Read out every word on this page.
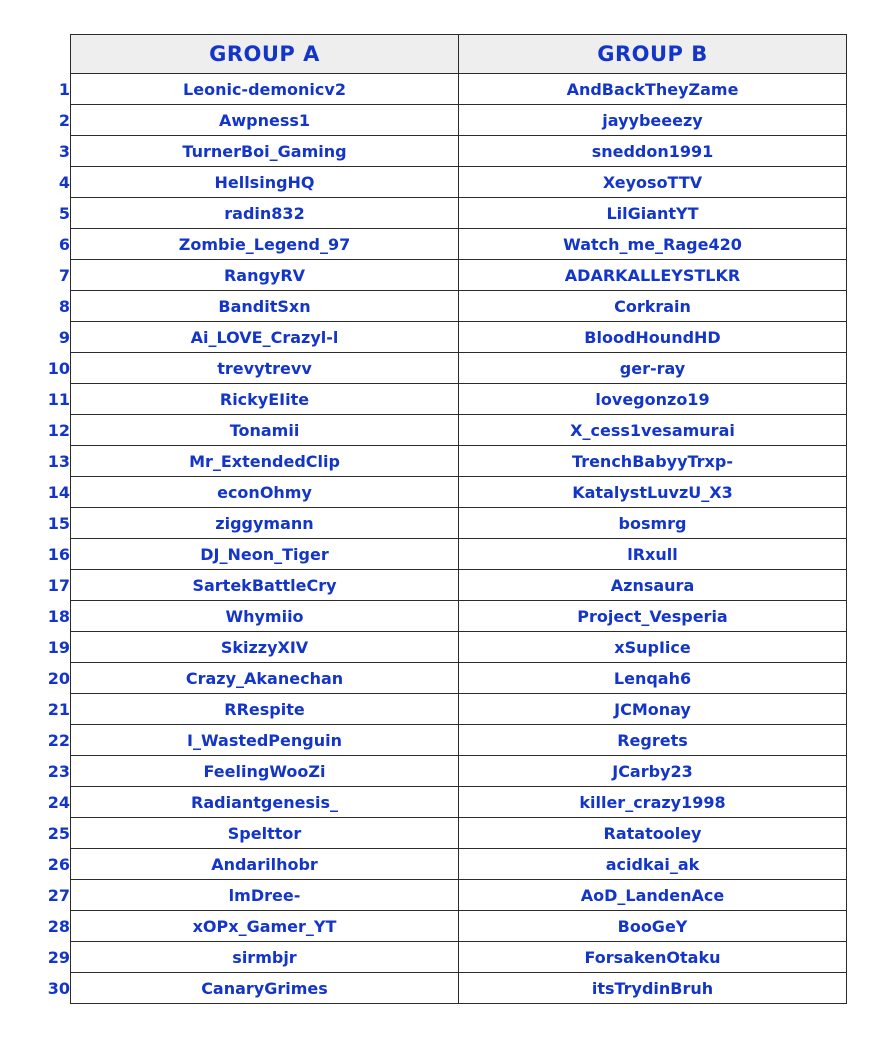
	GROUP A	GROUP B
1	Leonic-demonicv2	AndBackTheyZame
2	Awpness1	jayybeeezy
3	TurnerBoi_Gaming	sneddon1991
4	HellsingHQ	XeyosoTTV
5	radin832	LilGiantYT
6	Zombie_Legend_97	Watch_me_Rage420
7	RangyRV	ADARKALLEYSTLKR
8	BanditSxn	Corkrain
9	Ai_LOVE_Crazyl-l	BloodHoundHD
10	trevytrevv	ger-ray
11	RickyEIite	lovegonzo19
12	Tonamii	X_cess1vesamurai
13	Mr_ExtendedClip	TrenchBabyyTrxp-
14	econOhmy	KatalystLuvzU_X3
15	ziggymann	bosmrg
16	DJ_Neon_Tiger	lRxull
17	SartekBattleCry	Aznsaura
18	Whymiio	Project_Vesperia
19	SkizzyXIV	xSupIice
20	Crazy_Akanechan	Lenqah6
21	RRespite	JCMonay
22	I_WastedPenguin	Regrets
23	FeelingWooZi	JCarby23
24	Radiantgenesis_	killer_crazy1998
25	Spelttor	Ratatooley
26	Andarilhobr	acidkai_ak
27	lmDree-	AoD_LandenAce
28	xOPx_Gamer_YT	BooGeY
29	sirmbjr	ForsakenOtaku
30	CanaryGrimes	itsTrydinBruh
